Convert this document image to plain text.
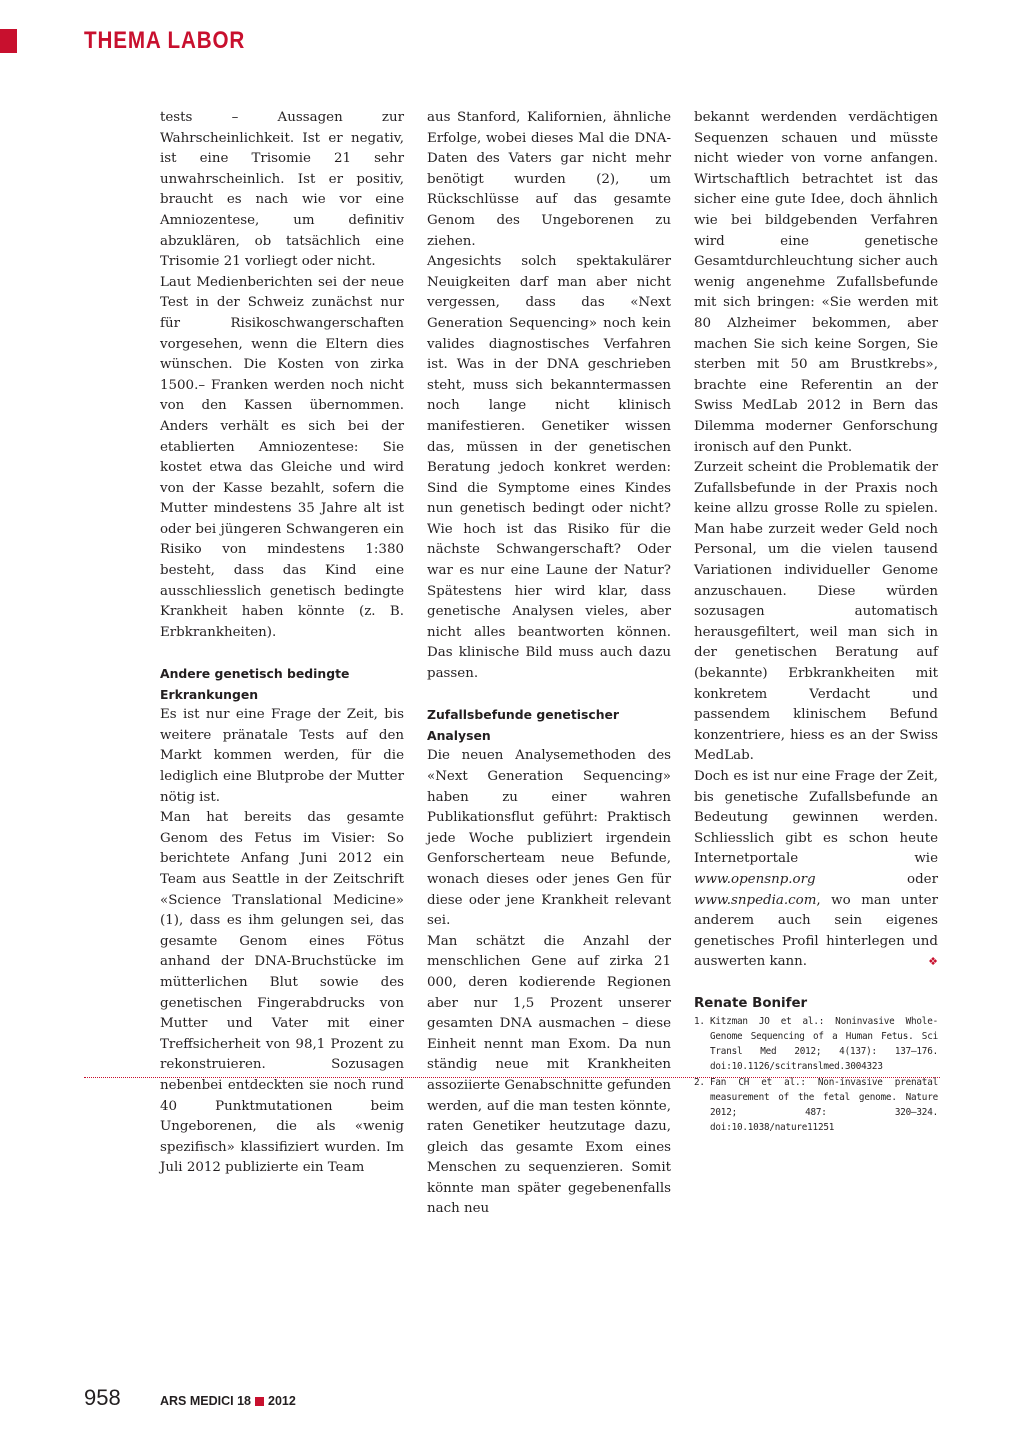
THEMA LABOR

tests – Aussagen zur Wahrscheinlichkeit. Ist er negativ, ist eine Trisomie 21 sehr unwahrscheinlich. Ist er positiv, braucht es nach wie vor eine Amniozentese, um definitiv abzuklären, ob tatsächlich eine Trisomie 21 vorliegt oder nicht.

Laut Medienberichten sei der neue Test in der Schweiz zunächst nur für Risikoschwangerschaften vorgesehen, wenn die Eltern dies wünschen. Die Kosten von zirka 1500.– Franken werden noch nicht von den Kassen übernommen. Anders verhält es sich bei der etablierten Amniozentese: Sie kostet etwa das Gleiche und wird von der Kasse bezahlt, sofern die Mutter mindestens 35 Jahre alt ist oder bei jüngeren Schwangeren ein Risiko von mindestens 1:380 besteht, dass das Kind eine ausschliesslich genetisch bedingte Krankheit haben könnte (z. B. Erbkrankheiten).

Andere genetisch bedingte Erkrankungen

Es ist nur eine Frage der Zeit, bis weitere pränatale Tests auf den Markt kommen werden, für die lediglich eine Blutprobe der Mutter nötig ist.

Man hat bereits das gesamte Genom des Fetus im Visier: So berichtete Anfang Juni 2012 ein Team aus Seattle in der Zeitschrift «Science Translational Medicine» (1), dass es ihm gelungen sei, das gesamte Genom eines Fötus anhand der DNA-Bruchstücke im mütterlichen Blut sowie des genetischen Fingerabdrucks von Mutter und Vater mit einer Treffsicherheit von 98,1 Prozent zu rekonstruieren. Sozusagen nebenbei entdeckten sie noch rund 40 Punktmutationen beim Ungeborenen, die als «wenig spezifisch» klassifiziert wurden. Im Juli 2012 publizierte ein Team

aus Stanford, Kalifornien, ähnliche Erfolge, wobei dieses Mal die DNA-Daten des Vaters gar nicht mehr benötigt wurden (2), um Rückschlüsse auf das gesamte Genom des Ungeborenen zu ziehen.

Angesichts solch spektakulärer Neuigkeiten darf man aber nicht vergessen, dass das «Next Generation Sequencing» noch kein valides diagnostisches Verfahren ist. Was in der DNA geschrieben steht, muss sich bekanntermassen noch lange nicht klinisch manifestieren. Genetiker wissen das, müssen in der genetischen Beratung jedoch konkret werden: Sind die Symptome eines Kindes nun genetisch bedingt oder nicht? Wie hoch ist das Risiko für die nächste Schwangerschaft? Oder war es nur eine Laune der Natur? Spätestens hier wird klar, dass genetische Analysen vieles, aber nicht alles beantworten können. Das klinische Bild muss auch dazu passen.

Zufallsbefunde genetischer Analysen

Die neuen Analysemethoden des «Next Generation Sequencing» haben zu einer wahren Publikationsflut geführt: Praktisch jede Woche publiziert irgendein Genforscherteam neue Befunde, wonach dieses oder jenes Gen für diese oder jene Krankheit relevant sei.

Man schätzt die Anzahl der menschlichen Gene auf zirka 21 000, deren kodierende Regionen aber nur 1,5 Prozent unserer gesamten DNA ausmachen – diese Einheit nennt man Exom. Da nun ständig neue mit Krankheiten assoziierte Genabschnitte gefunden werden, auf die man testen könnte, raten Genetiker heutzutage dazu, gleich das gesamte Exom eines Menschen zu sequenzieren. Somit könnte man später gegebenenfalls nach neu

bekannt werdenden verdächtigen Sequenzen schauen und müsste nicht wieder von vorne anfangen. Wirtschaftlich betrachtet ist das sicher eine gute Idee, doch ähnlich wie bei bildgebenden Verfahren wird eine genetische Gesamtdurchleuchtung sicher auch wenig angenehme Zufallsbefunde mit sich bringen: «Sie werden mit 80 Alzheimer bekommen, aber machen Sie sich keine Sorgen, Sie sterben mit 50 am Brustkrebs», brachte eine Referentin an der Swiss MedLab 2012 in Bern das Dilemma moderner Genforschung ironisch auf den Punkt.

Zurzeit scheint die Problematik der Zufallsbefunde in der Praxis noch keine allzu grosse Rolle zu spielen. Man habe zurzeit weder Geld noch Personal, um die vielen tausend Variationen individueller Genome anzuschauen. Diese würden sozusagen automatisch herausgefiltert, weil man sich in der genetischen Beratung auf (bekannte) Erbkrankheiten mit konkretem Verdacht und passendem klinischem Befund konzentriere, hiess es an der Swiss MedLab.

Doch es ist nur eine Frage der Zeit, bis genetische Zufallsbefunde an Bedeutung gewinnen werden. Schliesslich gibt es schon heute Internetportale wie www.opensnp.org oder www.snpedia.com, wo man unter anderem auch sein eigenes genetisches Profil hinterlegen und auswerten kann.	❖

Renate Bonifer

1. Kitzman JO et al.: Noninvasive Whole-Genome Sequencing of a Human Fetus. Sci Transl Med 2012; 4(137): 137–176. doi:10.1126/scitranslmed.3004323
2. Fan CH et al.: Non-invasive prenatal measurement of the fetal genome. Nature 2012; 487: 320–324. doi:10.1038/nature11251

958	ARS MEDICI 18 2012
